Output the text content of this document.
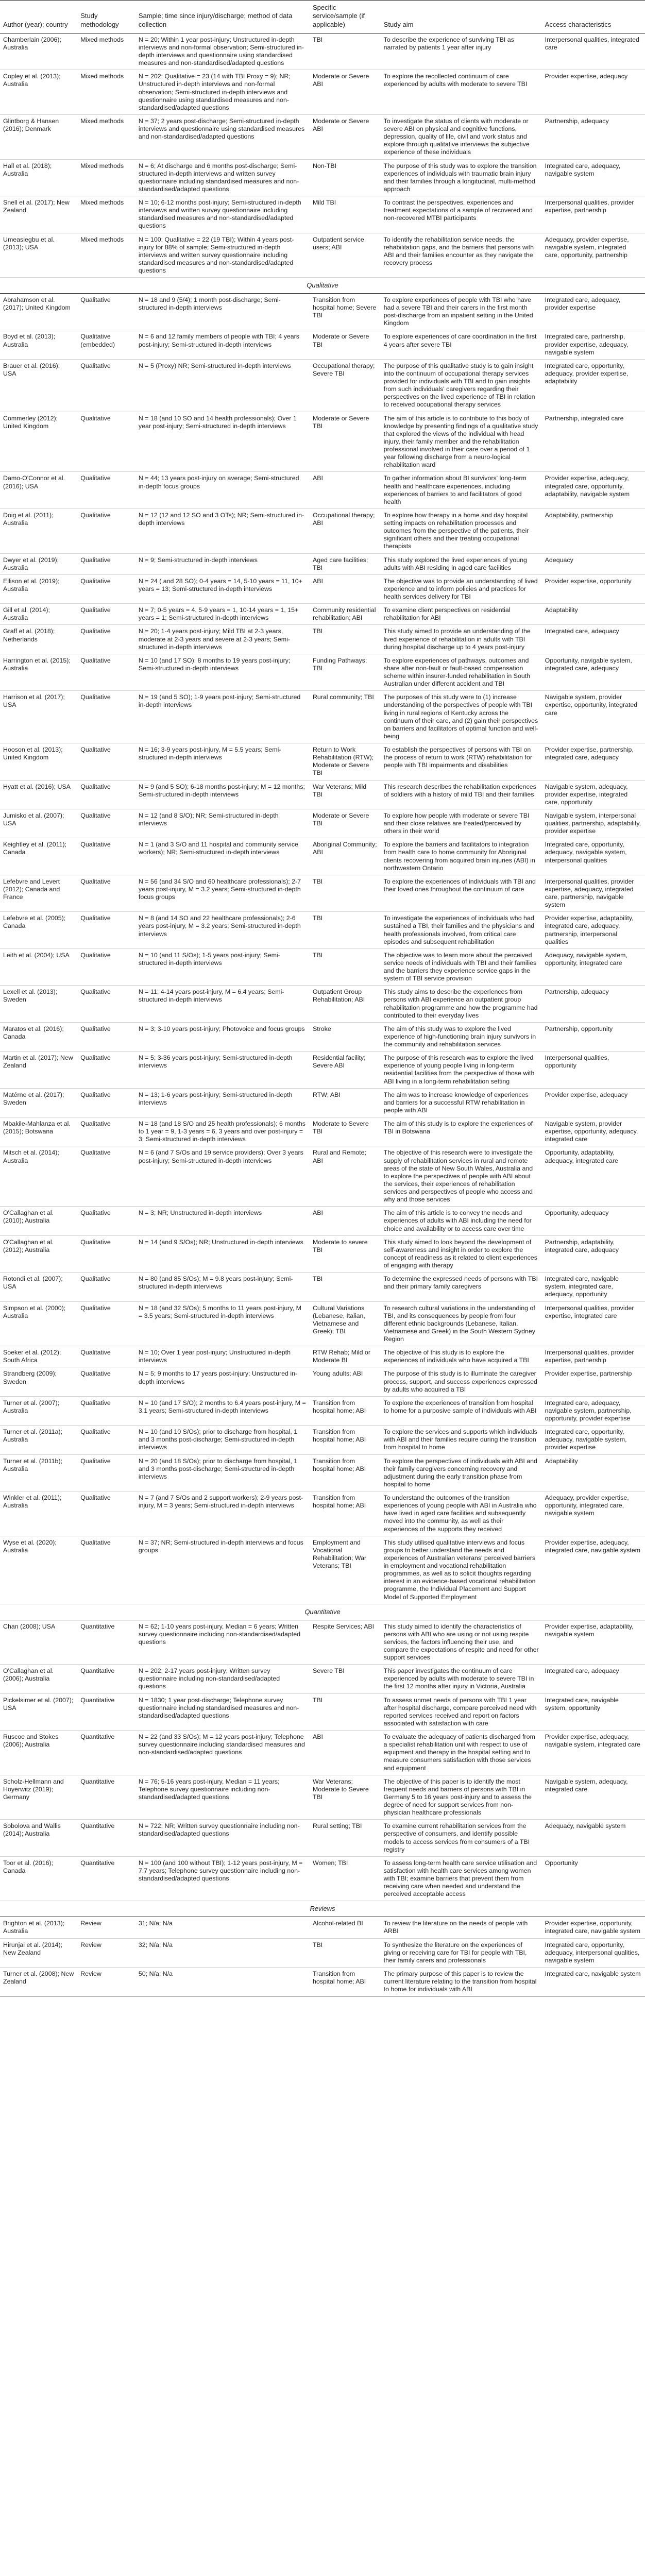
Author (year); country	Study methodology	Sample; time since injury/discharge; method of data collection	Specific service/sample (if applicable)	Study aim	Access characteristics
Chamberlain (2006); Australia	Mixed methods	N = 20; Within 1 year post-injury; Unstructured in-depth interviews and non-formal observation; Semi-structured in-depth interviews and questionnaire using standardised measures and non-standardised/adapted questions	TBI	To describe the experience of surviving TBI as narrated by patients 1 year after injury	Interpersonal qualities, integrated care
Copley et al. (2013); Australia	Mixed methods	N = 202; Qualitative = 23 (14 with TBI Proxy = 9); NR; Unstructured in-depth interviews and non-formal observation; Semi-structured in-depth interviews and questionnaire using standardised measures and non-standardised/adapted questions	Moderate or Severe ABI	To explore the recollected continuum of care experienced by adults with moderate to severe TBI	Provider expertise, adequacy
Glintborg & Hansen (2016); Denmark	Mixed methods	N = 37; 2 years post-discharge; Semi-structured in-depth interviews and questionnaire using standardised measures and non-standardised/adapted questions	Moderate or Severe ABI	To investigate the status of clients with moderate or severe ABI on physical and cognitive functions, depression, quality of life, civil and work status and explore through qualitative interviews the subjective experience of these individuals	Partnership, adequacy
Hall et al. (2018); Australia	Mixed methods	N = 6; At discharge and 6 months post-discharge; Semi-structured in-depth interviews and written survey questionnaire including standardised measures and non-standardised/adapted questions	Non-TBI	The purpose of this study was to explore the transition experiences of individuals with traumatic brain injury and their families through a longitudinal, multi-method approach	Integrated care, adequacy, navigable system
Snell et al. (2017); New Zealand	Mixed methods	N = 10; 6-12 months post-injury; Semi-structured in-depth interviews and written survey questionnaire including standardised measures and non-standardised/adapted questions	Mild TBI	To contrast the perspectives, experiences and treatment expectations of a sample of recovered and non-recovered MTBI participants	Interpersonal qualities, provider expertise, partnership
Umeasiegbu et al. (2013); USA	Mixed methods	N = 100; Qualitative = 22 (19 TBI); Within 4 years post-injury for 88% of sample; Semi-structured in-depth interviews and written survey questionnaire including standardised measures and non-standardised/adapted questions	Outpatient service users; ABI	To identify the rehabilitation service needs, the rehabilitation gaps, and the barriers that persons with ABI and their families encounter as they navigate the recovery process	Adequacy, provider expertise, navigable system, integrated care, opportunity, partnership
Qualitative					
Abrahamson et al. (2017); United Kingdom	Qualitative	N = 18 and 9 (5/4); 1 month post-discharge; Semi-structured in-depth interviews	Transition from hospital home; Severe TBI	To explore experiences of people with TBI who have had a severe TBI and their carers in the first month post-discharge from an inpatient setting in the United Kingdom	Integrated care, adequacy, provider expertise
Boyd et al. (2013); Australia	Qualitative (embedded)	N = 6 and 12 family members of people with TBI; 4 years post-injury; Semi-structured in-depth interviews	Moderate or Severe TBI	To explore experiences of care coordination in the first 4 years after severe TBI	Integrated care, partnership, provider expertise, adequacy, navigable system
Brauer et al. (2016); USA	Qualitative	N = 5 (Proxy) NR; Semi-structured in-depth interviews	Occupational therapy; Severe TBI	The purpose of this qualitative study is to gain insight into the continuum of occupational therapy services provided for individuals with TBI and to gain insights from such individuals' caregivers regarding their perspectives on the lived experience of TBI in relation to received occupational therapy services	Integrated care, opportunity, adequacy, provider expertise, adaptability
Commerley (2012); United Kingdom	Qualitative	N = 18 (and 10 SO and 14 health professionals); Over 1 year post-injury; Semi-structured in-depth interviews	Moderate or Severe TBI	The aim of this article is to contribute to this body of knowledge by presenting findings of a qualitative study that explored the views of the individual with head injury, their family member and the rehabilitation professional involved in their care over a period of 1 year following discharge from a neuro-logical rehabilitation ward	Partnership, integrated care
Damo-O'Connor et al. (2016); USA	Qualitative	N = 44; 13 years post-injury on average; Semi-structured in-depth focus groups	ABI	To gather information about BI survivors' long-term health and healthcare experiences, including experiences of barriers to and facilitators of good health	Provider expertise, adequacy, integrated care, opportunity, adaptability, navigable system
Doig et al. (2011); Australia	Qualitative	N = 12 (12 and 12 SO and 3 OTs); NR; Semi-structured in-depth interviews	Occupational therapy; ABI	To explore how therapy in a home and day hospital setting impacts on rehabilitation processes and outcomes from the perspective of the patients, their significant others and their treating occupational therapists	Adaptability, partnership
Dwyer et al. (2019); Australia	Qualitative	N = 9; Semi-structured in-depth interviews	Aged care facilities; TBI	This study explored the lived experiences of young adults with ABI residing in aged care facilities	Adequacy
Ellison et al. (2019); Australia	Qualitative	N = 24 ( and 28 SO); 0-4 years = 14, 5-10 years = 11, 10+ years = 13; Semi-structured in-depth interviews	ABI	The objective was to provide an understanding of lived experience and to inform policies and practices for health services delivery for TBI	Provider expertise, opportunity
Gill et al. (2014); Australia	Qualitative	N = 7; 0-5 years = 4, 5-9 years = 1, 10-14 years = 1, 15+ years = 1; Semi-structured in-depth interviews	Community residential rehabilitation; ABI	To examine client perspectives on residential rehabilitation for ABI	Adaptability
Graff et al. (2018); Netherlands	Qualitative	N = 20; 1-4 years post-injury; Mild TBI at 2-3 years, moderate at 2-3 years and severe at 2-3 years; Semi-structured in-depth interviews	TBI	This study aimed to provide an understanding of the lived experience of rehabilitation in adults with TBI during hospital discharge up to 4 years post-injury	Integrated care, adequacy
Harrington et al. (2015); Australia	Qualitative	N = 10 (and 17 SO); 8 months to 19 years post-injury; Semi-structured in-depth interviews	Funding Pathways; TBI	To explore experiences of pathways, outcomes and share after non-fault or fault-based compensation scheme within insurer-funded rehabilitation in South Australian under different accident and TBI	Opportunity, navigable system, integrated care, adequacy
Harrison et al. (2017); USA	Qualitative	N = 19 (and 5 SO); 1-9 years post-injury; Semi-structured in-depth interviews	Rural community; TBI	The purposes of this study were to (1) increase understanding of the perspectives of people with TBI living in rural regions of Kentucky across the continuum of their care, and (2) gain their perspectives on barriers and facilitators of optimal function and well-being	Navigable system, provider expertise, opportunity, integrated care
Hooson et al. (2013); United Kingdom	Qualitative	N = 16; 3-9 years post-injury, M = 5.5 years; Semi-structured in-depth interviews	Return to Work Rehabilitation (RTW); Moderate or Severe TBI	To establish the perspectives of persons with TBI on the process of return to work (RTW) rehabilitation for people with TBI impairments and disabilities	Provider expertise, partnership, integrated care, adequacy
Hyatt et al. (2016); USA	Qualitative	N = 9 (and 5 SO); 6-18 months post-injury; M = 12 months; Semi-structured in-depth interviews	War Veterans; Mild TBI	This research describes the rehabilitation experiences of soldiers with a history of mild TBI and their families	Navigable system, adequacy, provider expertise, integrated care, opportunity
Jumisko et al. (2007); USA	Qualitative	N = 12 (and 8 S/O); NR; Semi-structured in-depth interviews	Moderate or Severe TBI	To explore how people with moderate or severe TBI and their close relatives are treated/perceived by others in their world	Navigable system, interpersonal qualities, partnership, adaptability, provider expertise
Keightley et al. (2011); Canada	Qualitative	N = 1 (and 3 S/O and 11 hospital and community service workers); NR; Semi-structured in-depth interviews	Aboriginal Community; ABI	To explore the barriers and facilitators to integration from health care to home community for Aboriginal clients recovering from acquired brain injuries (ABI) in northwestern Ontario	Integrated care, opportunity, adequacy, navigable system, interpersonal qualities
Lefebvre and Levert (2012); Canada and France	Qualitative	N = 56 (and 34 S/O and 60 healthcare professionals); 2-7 years post-injury, M = 3.2 years; Semi-structured in-depth focus groups	TBI	To explore the experiences of individuals with TBI and their loved ones throughout the continuum of care	Interpersonal qualities, provider expertise, adequacy, integrated care, partnership, navigable system
Lefebvre et al. (2005); Canada	Qualitative	N = 8 (and 14 SO and 22 healthcare professionals); 2-6 years post-injury, M = 3.2 years; Semi-structured in-depth interviews	TBI	To investigate the experiences of individuals who had sustained a TBI, their families and the physicians and health professionals involved, from critical care episodes and subsequent rehabilitation	Provider expertise, adaptability, integrated care, adequacy, partnership, interpersonal qualities
Leith et al. (2004); USA	Qualitative	N = 10 (and 11 S/Os); 1-5 years post-injury; Semi-structured in-depth interviews	TBI	The objective was to learn more about the perceived service needs of individuals with TBI and their families and the barriers they experience service gaps in the system of TBI service provision	Adequacy, navigable system, opportunity, integrated care
Lexell et al. (2013); Sweden	Qualitative	N = 11; 4-14 years post-injury, M = 6.4 years; Semi-structured in-depth interviews	Outpatient Group Rehabilitation; ABI	This study aims to describe the experiences from persons with ABI experience an outpatient group rehabilitation programme and how the programme had contributed to their everyday lives	Partnership, adequacy
Maratos et al. (2016); Canada	Qualitative	N = 3; 3-10 years post-injury; Photovoice and focus groups	Stroke	The aim of this study was to explore the lived experience of high-functioning brain injury survivors in the community and rehabilitation services	Partnership, opportunity
Martin et al. (2017); New Zealand	Qualitative	N = 5; 3-36 years post-injury; Semi-structured in-depth interviews	Residential facility; Severe ABI	The purpose of this research was to explore the lived experience of young people living in long-term residential facilities from the perspective of those with ABI living in a long-term rehabilitation setting	Interpersonal qualities, opportunity
Matérne et al. (2017); Sweden	Qualitative	N = 13; 1-6 years post-injury; Semi-structured in-depth interviews	RTW; ABI	The aim was to increase knowledge of experiences and barriers for a successful RTW rehabilitation in people with ABI	Provider expertise, adequacy
Mbakile-Mahlanza et al. (2015); Botswana	Qualitative	N = 18 (and 18 S/O and 25 health professionals); 6 months to 1 year = 9, 1-3 years = 6, 3 years and over post-injury = 3; Semi-structured in-depth interviews	Moderate to Severe TBI	The aim of this study is to explore the experiences of TBI in Botswana	Navigable system, provider expertise, opportunity, adequacy, integrated care
Mitsch et al. (2014); Australia	Qualitative	N = 6 (and 7 S/Os and 19 service providers); Over 3 years post-injury; Semi-structured in-depth interviews	Rural and Remote; ABI	The objective of this research were to investigate the supply of rehabilitation services in rural and remote areas of the state of New South Wales, Australia and to explore the perspectives of people with ABI about the services, their experiences of rehabilitation services and perspectives of people who access and why and those services	Opportunity, adaptability, adequacy, integrated care
O'Callaghan et al. (2010); Australia	Qualitative	N = 3; NR; Unstructured in-depth interviews	ABI	The aim of this article is to convey the needs and experiences of adults with ABI including the need for choice and availability or to access care over time	Opportunity, adequacy
O'Callaghan et al. (2012); Australia	Qualitative	N = 14 (and 9 S/Os); NR; Unstructured in-depth interviews	Moderate to severe TBI	This study aimed to look beyond the development of self-awareness and insight in order to explore the concept of readiness as it related to client experiences of engaging with therapy	Partnership, adaptability, integrated care, adequacy
Rotondi et al. (2007); USA	Qualitative	N = 80 (and 85 S/Os); M = 9.8 years post-injury; Semi-structured in-depth interviews	TBI	To determine the expressed needs of persons with TBI and their primary family caregivers	Integrated care, navigable system, integrated care, adequacy, opportunity
Simpson et al. (2000); Australia	Qualitative	N = 18 (and 32 S/Os); 5 months to 11 years post-injury, M = 3.5 years; Semi-structured in-depth interviews	Cultural Variations (Lebanese, Italian, Vietnamese and Greek); TBI	To research cultural variations in the understanding of TBI, and its consequences by people from four different ethnic backgrounds (Lebanese, Italian, Vietnamese and Greek) in the South Western Sydney Region	Interpersonal qualities, provider expertise, integrated care
Soeker et al. (2012); South Africa	Qualitative	N = 10; Over 1 year post-injury; Unstructured in-depth interviews	RTW Rehab; Mild or Moderate BI	The objective of this study is to explore the experiences of individuals who have acquired a TBI	Interpersonal qualities, provider expertise, partnership
Strandberg (2009); Sweden	Qualitative	N = 5; 9 months to 17 years post-injury; Unstructured in-depth interviews	Young adults; ABI	The purpose of this study is to illuminate the caregiver process, support, and success experiences expressed by adults who acquired a TBI	Provider expertise, partnership
Turner et al. (2007); Australia	Qualitative	N = 10 (and 17 S/O); 2 months to 6.4 years post-injury, M = 3.1 years; Semi-structured in-depth interviews	Transition from hospital home; ABI	To explore the experiences of transition from hospital to home for a purposive sample of individuals with ABI	Integrated care, adequacy, navigable system, partnership, opportunity, provider expertise
Turner et al. (2011a); Australia	Qualitative	N = 10 (and 10 S/Os); prior to discharge from hospital, 1 and 3 months post-discharge; Semi-structured in-depth interviews	Transition from hospital home; ABI	To explore the services and supports which individuals with ABI and their families require during the transition from hospital to home	Integrated care, opportunity, adequacy, navigable system, provider expertise
Turner et al. (2011b); Australia	Qualitative	N = 20 (and 18 S/Os); prior to discharge from hospital, 1 and 3 months post-discharge; Semi-structured in-depth interviews	Transition from hospital home; ABI	To explore the perspectives of individuals with ABI and their family caregivers concerning recovery and adjustment during the early transition phase from hospital to home	Adaptability
Winkler et al. (2011); Australia	Qualitative	N = 7 (and 7 S/Os and 2 support workers); 2-9 years post-injury, M = 3 years; Semi-structured in-depth interviews	Transition from hospital home; ABI	To understand the outcomes of the transition experiences of young people with ABI in Australia who have lived in aged care facilities and subsequently moved into the community, as well as their experiences of the supports they received	Adequacy, provider expertise, opportunity, integrated care, navigable system
Wyse et al. (2020); Australia	Qualitative	N = 37; NR; Semi-structured in-depth interviews and focus groups	Employment and Vocational Rehabilitation; War Veterans; TBI	This study utilised qualitative interviews and focus groups to better understand the needs and experiences of Australian veterans' perceived barriers in employment and vocational rehabilitation programmes, as well as to solicit thoughts regarding interest in an evidence-based vocational rehabilitation programme, the Individual Placement and Support Model of Supported Employment	Provider expertise, adequacy, integrated care, navigable system
Quantitative					
Chan (2008); USA	Quantitative	N = 62; 1-10 years post-injury, Median = 6 years; Written survey questionnaire including non-standardised/adapted questions	Respite Services; ABI	This study aimed to identify the characteristics of persons with ABI who are using or not using respite services, the factors influencing their use, and compare the expectations of respite and need for other support services	Provider expertise, adaptability, navigable system
O'Callaghan et al. (2006); Australia	Quantitative	N = 202; 2-17 years post-injury; Written survey questionnaire including non-standardised/adapted questions	Severe TBI	This paper investigates the continuum of care experienced by adults with moderate to severe TBI in the first 12 months after injury in Victoria, Australia	Integrated care, adequacy
Pickelsimer et al. (2007); USA	Quantitative	N = 1830; 1 year post-discharge; Telephone survey questionnaire including standardised measures and non-standardised/adapted questions	TBI	To assess unmet needs of persons with TBI 1 year after hospital discharge, compare perceived need with reported services received and report on factors associated with satisfaction with care	Integrated care, navigable system, opportunity
Ruscoe and Stokes (2006); Australia	Quantitative	N = 22 (and 33 S/Os); M = 12 years post-injury; Telephone survey questionnaire including standardised measures and non-standardised/adapted questions	ABI	To evaluate the adequacy of patients discharged from a specialist rehabilitation unit with respect to use of equipment and therapy in the hospital setting and to measure consumers satisfaction with those services and equipment	Provider expertise, adequacy, navigable system, integrated care
Scholz-Hellmann and Hoyerwitz (2019); Germany	Quantitative	N = 76; 5-16 years post-injury, Median = 11 years; Telephone survey questionnaire including non-standardised/adapted questions	War Veterans; Moderate to Severe TBI	The objective of this paper is to identify the most frequent needs and barriers of persons with TBI in Germany 5 to 16 years post-injury and to assess the degree of need for support services from non-physician healthcare professionals	Navigable system, adequacy, integrated care
Sobolova and Wallis (2014); Australia	Quantitative	N = 722; NR; Written survey questionnaire including non-standardised/adapted questions	Rural setting; TBI	To examine current rehabilitation services from the perspective of consumers, and identify possible models to access services from consumers of a TBI registry	Adequacy, navigable system
Toor et al. (2016); Canada	Quantitative	N = 100 (and 100 without TBI); 1-12 years post-injury, M = 7.7 years; Telephone survey questionnaire including non-standardised/adapted questions	Women; TBI	To assess long-term health care service utilisation and satisfaction with health care services among women with TBI; examine barriers that prevent them from receiving care when needed and understand the perceived acceptable access	Opportunity
Reviews					
Brighton et al. (2013); Australia	Review	31; N/a; N/a	Alcohol-related BI	To review the literature on the needs of people with ARBI	Provider expertise, opportunity, integrated care, navigable system
Hirunjai et al. (2014); New Zealand	Review	32; N/a; N/a	TBI	To synthesize the literature on the experiences of giving or receiving care for TBI for people with TBI, their family carers and professionals	Integrated care, opportunity, adequacy, interpersonal qualities, navigable system
Turner et al. (2008); New Zealand	Review	50; N/a; N/a	Transition from hospital home; ABI	The primary purpose of this paper is to review the current literature relating to the transition from hospital to home for individuals with ABI	Integrated care, navigable system
